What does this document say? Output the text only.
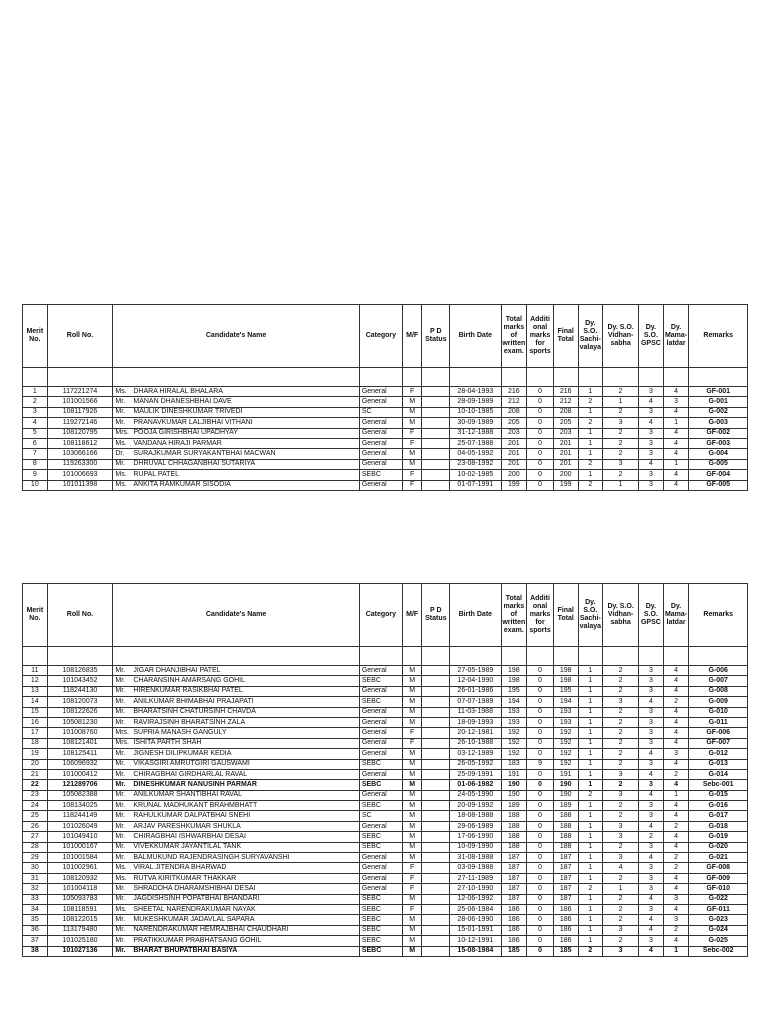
Merit No.	Roll No.	Candidate's Name	Category	M/F	P D Status	Birth Date	Total marks of written exam.	Additi onal marks for sports	Final Total	Dy. S.O. Sachi-valaya	Dy. S.O. Vidhan-sabha	Dy. S.O. GPSC	Dy. Mama-latdar	Remarks

1	117221274	Ms. DHARA HIRALAL BHALARA	General	F		28-04-1993	216	0	216	1	2	3	4	GF-001
2	101001566	Mr. MANAN DHANESHBHAI DAVE	General	M		28-09-1989	212	0	212	2	1	4	3	G-001
3	108117926	Mr. MAULIK DINESHKUMAR TRIVEDI	SC	M		10-10-1985	208	0	208	1	2	3	4	G-002
4	119272146	Mr. PRANAVKUMAR LALJIBHAI VITHANI	General	M		30-09-1989	205	0	205	2	3	4	1	G-003
5	108120795	Mrs. POOJA GIRISHBHAI UPADHYAY	General	F		31-12-1988	203	0	203	1	2	3	4	GF-002
6	108118612	Ms. VANDANA HIRAJI PARMAR	General	F		25-07-1988	201	0	201	1	2	3	4	GF-003
7	103066166	Dr. SURAJKUMAR SURYAKANTBHAI MACWAN	General	M		04-05-1992	201	0	201	1	2	3	4	G-004
8	119263300	Mr. DHRUVAL CHHAGANBHAI SUTARIYA	General	M		23-08-1992	201	0	201	2	3	4	1	G-005
9	101006693	Ms. RUPAL PATEL	SEBC	F		10-02-1985	200	0	200	1	2	3	4	GF-004
10	101011398	Ms. ANKITA RAMKUMAR SISODIA	General	F		01-07-1991	199	0	199	2	1	3	4	GF-005
Merit No.	Roll No.	Candidate's Name	Category	M/F	P D Status	Birth Date	Total marks of written exam.	Additi onal marks for sports	Final Total	Dy. S.O. Sachi-valaya	Dy. S.O. Vidhan-sabha	Dy. S.O. GPSC	Dy. Mama-latdar	Remarks

11	108126835	Mr. JIGAR DHANJIBHAI PATEL	General	M		27-05-1989	198	0	198	1	2	3	4	G-006
12	101043452	Mr. CHARANSINH AMARSANG GOHIL	SEBC	M		12-04-1990	198	0	198	1	2	3	4	G-007
13	118244130	Mr. HIRENKUMAR RASIKBHAI PATEL	General	M		26-01-1986	195	0	195	1	2	3	4	G-008
14	108120073	Mr. ANILKUMAR BHIMABHAI PRAJAPATI	SEBC	M		07-07-1989	194	0	194	1	3	4	2	G-009
15	108122626	Mr. BHARATSINH CHATURSINH CHAVDA	General	M		11-03-1988	193	0	193	1	2	3	4	G-010
16	105081230	Mr. RAVIRAJSINH BHARATSINH ZALA	General	M		18-09-1993	193	0	193	1	2	3	4	G-011
17	101008760	Mrs. SUPRIA MANASH GANGULY	General	F		20-12-1981	192	0	192	1	2	3	4	GF-006
18	108121401	Mrs. ISHITA PARTH SHAH	General	F		26-10-1988	192	0	192	1	2	3	4	GF-007
19	108125411	Mr. JIGNESH DILIPKUMAR KEDIA	General	M		03-12-1989	192	0	192	1	2	4	3	G-012
20	106096932	Mr. VIKASGIRI AMRUTGIRI GAUSWAMI	SEBC	M		26-05-1992	183	9	192	1	2	3	4	G-013
21	101000412	Mr. CHIRAGBHAI GIRDHARLAL RAVAL	General	M		25-09-1991	191	0	191	1	3	4	2	G-014
22	121289706	Mr. DINESHKUMAR NANUSINH PARMAR	SEBC	M		01-06-1982	190	0	190	1	2	3	4	Sebc-001
23	105082388	Mr. ANILKUMAR SHANTIBHAI RAVAL	General	M		24-05-1990	190	0	190	2	3	4	1	G-015
24	108134025	Mr. KRUNAL MADHUKANT BRAHMBHATT	SEBC	M		20-09-1992	189	0	189	1	2	3	4	G-016
25	118244149	Mr. RAHULKUMAR DALPATBHAI SNEHI	SC	M		18-08-1988	188	0	188	1	2	3	4	G-017
26	101026049	Mr. ARJAV PARESHKUMAR SHUKLA	General	M		29-06-1989	188	0	188	1	3	4	2	G-018
27	101049410	Mr. CHIRAGBHAI ISHWARBHAI DESAI	SEBC	M		17-06-1990	188	0	188	1	3	2	4	G-019
28	101000167	Mr. VIVEKKUMAR JAYANTILAL TANK	SEBC	M		10-09-1990	188	0	188	1	2	3	4	G-020
29	101001584	Mr. BALMUKUND RAJENDRASINGH SURYAVANSHI	General	M		31-08-1988	187	0	187	1	3	4	2	G-021
30	101002961	Ms. VIRAL JITENDRA BHARWAD	General	F		03-09-1988	187	0	187	1	4	3	2	GF-008
31	108120932	Ms. RUTVA KIRITKUMAR THAKKAR	General	F		27-11-1989	187	0	187	1	2	3	4	GF-009
32	101004118	Mr. SHRADDHA DHARAMSHIBHAI DESAI	General	F		27-10-1990	187	0	187	2	1	3	4	GF-010
33	105093783	Mr. JAGDISHSINH POPATBHAI BHANDARI	SEBC	M		12-06-1992	187	0	187	1	2	4	3	G-022
34	108118591	Ms. SHEETAL NARENDRAKUMAR NAYAK	SEBC	F		25-06-1984	186	0	186	1	2	3	4	GF-011
35	108122015	Mr. MUKESHKUMAR JADAVLAL SAPARA	SEBC	M		28-06-1990	186	0	186	1	2	4	3	G-023
36	113179480	Mr. NARENDRAKUMAR HEMRAJBHAI CHAUDHARI	SEBC	M		15-01-1991	186	0	186	1	3	4	2	G-024
37	101025180	Mr. PRATIKKUMAR PRABHATSANG GOHIL	SEBC	M		10-12-1991	186	0	186	1	2	3	4	G-025
38	101027136	Mr. BHARAT BHUPATBHAI BASIYA	SEBC	M		15-08-1984	185	0	185	2	3	4	1	Sebc-002
